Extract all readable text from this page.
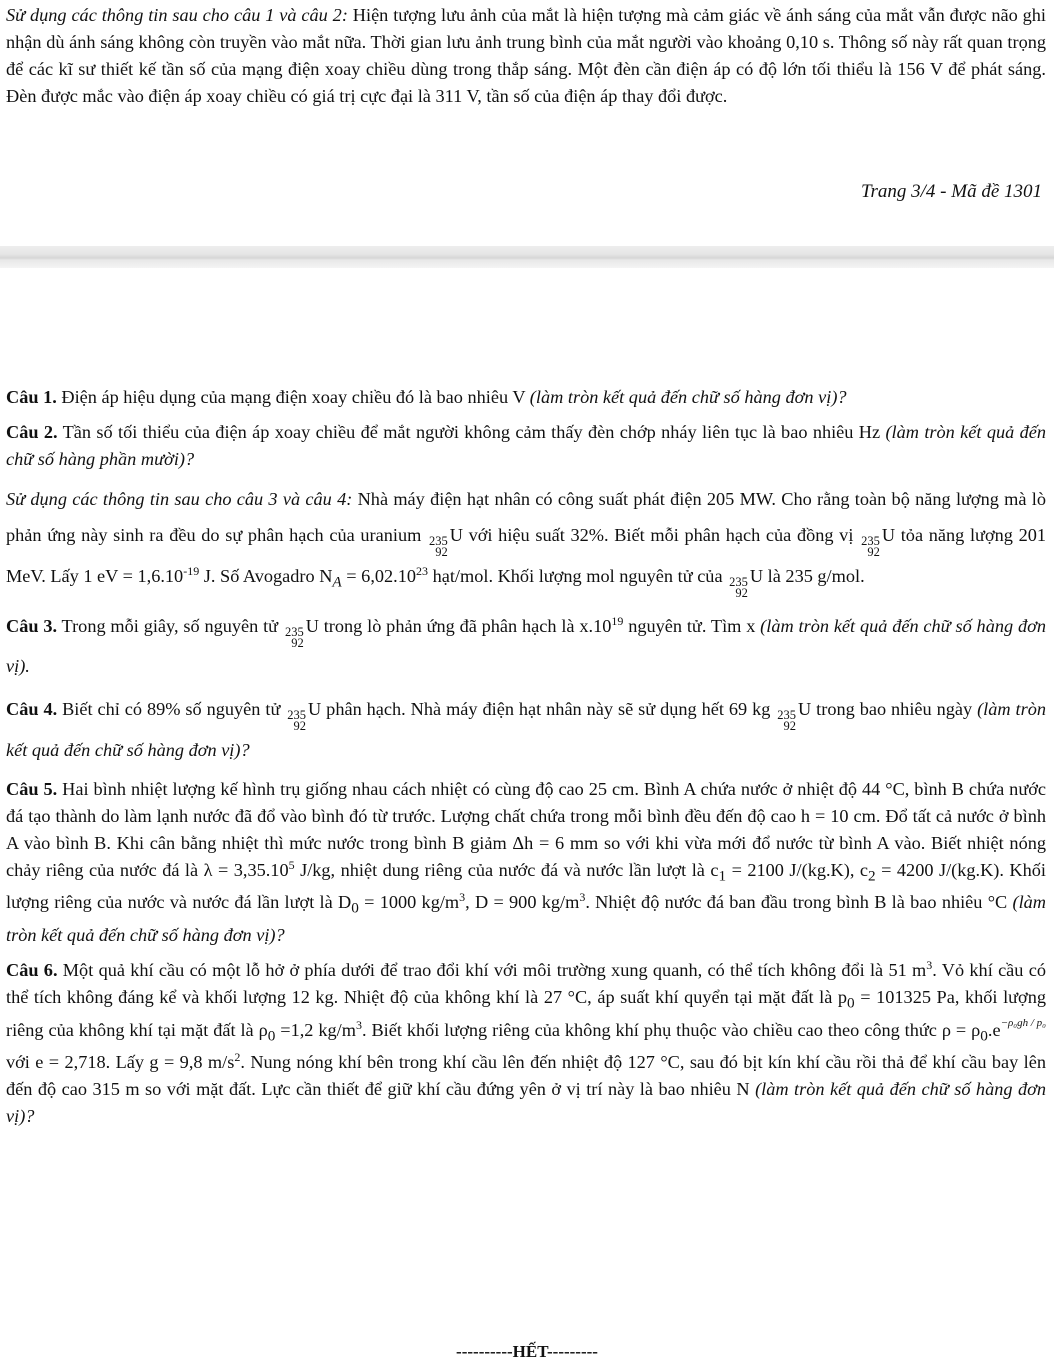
Sử dụng các thông tin sau cho câu 1 và câu 2: Hiện tượng lưu ảnh của mắt là hiện tượng mà cảm giác về ánh sáng của mắt vẫn được não ghi nhận dù ánh sáng không còn truyền vào mắt nữa. Thời gian lưu ảnh trung bình của mắt người vào khoảng 0,10 s. Thông số này rất quan trọng để các kĩ sư thiết kế tần số của mạng điện xoay chiều dùng trong thắp sáng. Một đèn cần điện áp có độ lớn tối thiểu là 156 V để phát sáng. Đèn được mắc vào điện áp xoay chiều có giá trị cực đại là 311 V, tần số của điện áp thay đổi được.

Trang 3/4 - Mã đề 1301

Câu 1. Điện áp hiệu dụng của mạng điện xoay chiều đó là bao nhiêu V (làm tròn kết quả đến chữ số hàng đơn vị)?

Câu 2. Tần số tối thiểu của điện áp xoay chiều để mắt người không cảm thấy đèn chớp nháy liên tục là bao nhiêu Hz (làm tròn kết quả đến chữ số hàng phần mười)?

Sử dụng các thông tin sau cho câu 3 và câu 4: Nhà máy điện hạt nhân có công suất phát điện 205 MW. Cho rằng toàn bộ năng lượng mà lò phản ứng này sinh ra đều do sự phân hạch của uranium 235
92
U với hiệu suất 32%. Biết mỗi phân hạch của đồng vị 235
92
U tỏa năng lượng 201 MeV. Lấy 1 eV = $1,6.10^{-19}$ J. Số Avogadro $N_A = 6,02.10^{23}$ hạt/mol. Khối lượng mol nguyên tử của 235
92
U là 235 g/mol.

Câu 3. Trong mỗi giây, số nguyên tử 235
92
U trong lò phản ứng đã phân hạch là $x.10^{19}$ nguyên tử. Tìm x (làm tròn kết quả đến chữ số hàng đơn vị).

Câu 4. Biết chỉ có 89% số nguyên tử 235
92
U phân hạch. Nhà máy điện hạt nhân này sẽ sử dụng hết 69 kg 235
92
U trong bao nhiêu ngày (làm tròn kết quả đến chữ số hàng đơn vị)?

Câu 5. Hai bình nhiệt lượng kế hình trụ giống nhau cách nhiệt có cùng độ cao 25 cm. Bình A chứa nước ở nhiệt độ 44 °C, bình B chứa nước đá tạo thành do làm lạnh nước đã đổ vào bình đó từ trước. Lượng chất chứa trong mỗi bình đều đến độ cao h = 10 cm. Đổ tất cả nước ở bình A vào bình B. Khi cân bằng nhiệt thì mức nước trong bình B giảm Δh = 6 mm so với khi vừa mới đổ nước từ bình A vào. Biết nhiệt nóng chảy riêng của nước đá là $\lambda = 3,35.10^5$ J/kg, nhiệt dung riêng của nước đá và nước lần lượt là $c_1 = 2100$ J/(kg.K), $c_2 = 4200$ J/(kg.K). Khối lượng riêng của nước và nước đá lần lượt là $D_0 = 1000$ $kg/m^3$, D = 900 $kg/m^3$. Nhiệt độ nước đá ban đầu trong bình B là bao nhiêu °C (làm tròn kết quả đến chữ số hàng đơn vị)?

Câu 6. Một quả khí cầu có một lỗ hở ở phía dưới để trao đổi khí với môi trường xung quanh, có thể tích không đổi là 51 $m^3$. Vỏ khí cầu có thể tích không đáng kể và khối lượng 12 kg. Nhiệt độ của không khí là 27 °C, áp suất khí quyển tại mặt đất là $p_0 = 101325$ Pa, khối lượng riêng của không khí tại mặt đất là $\rho_0 =1,2$ $kg/m^3$. Biết khối lượng riêng của không khí phụ thuộc vào chiều cao theo công thức $\rho = \rho_0.e-\rho_0gh / p_0$ với e = 2,718. Lấy g = 9,8 $m/s^2$. Nung nóng khí bên trong khí cầu lên đến nhiệt độ 127 °C, sau đó bịt kín khí cầu rồi thả để khí cầu bay lên đến độ cao 315 m so với mặt đất. Lực cần thiết để giữ khí cầu đứng yên ở vị trí này là bao nhiêu N (làm tròn kết quả đến chữ số hàng đơn vị)?

----------HẾT---------
